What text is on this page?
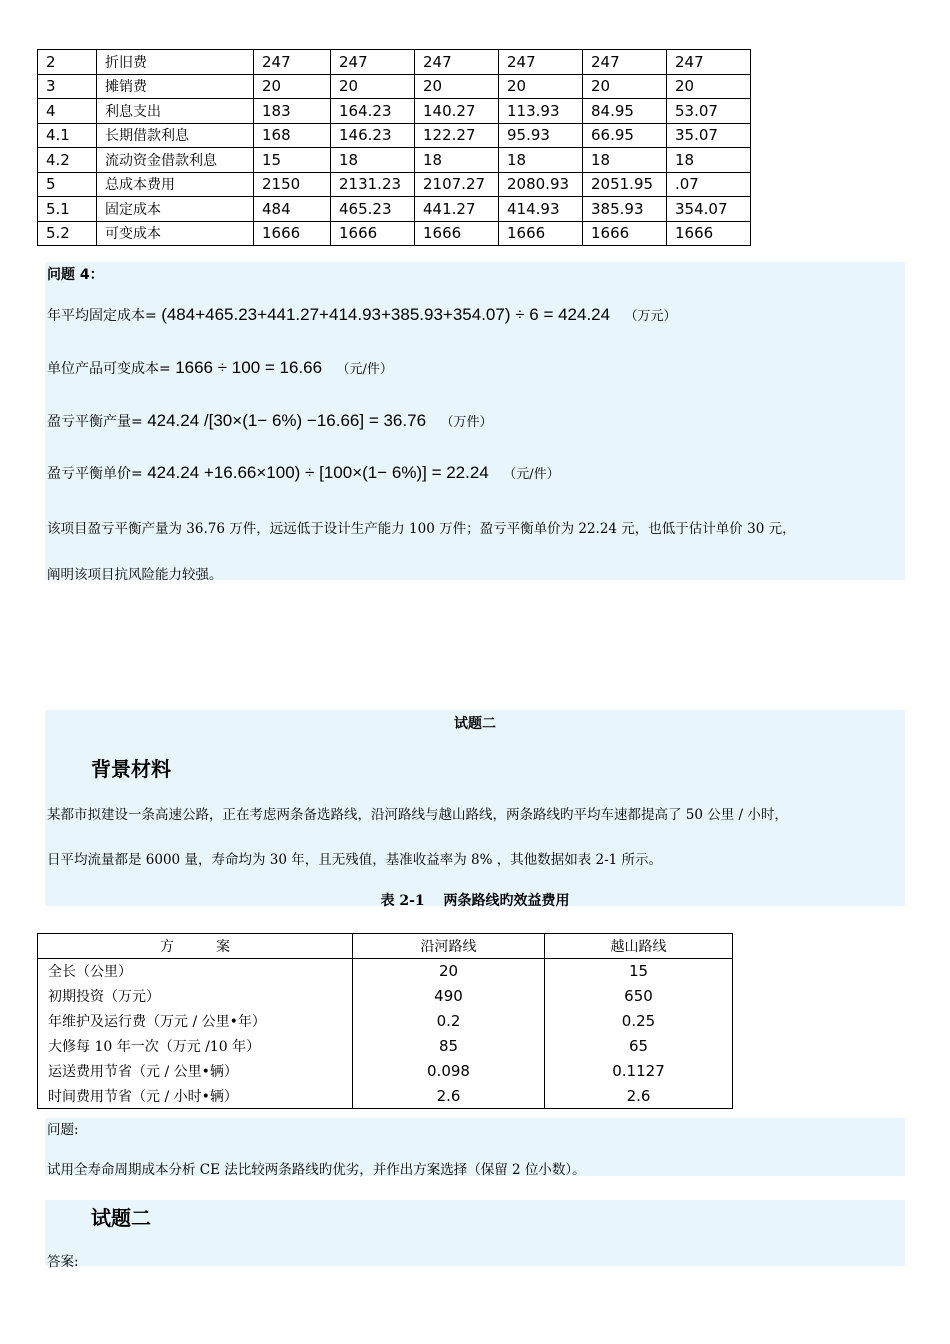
2	折旧费	247	247	247	247	247	247
3	摊销费	20	20	20	20	20	20
4	利息支出	183	164.23	140.27	113.93	84.95	53.07
4.1	长期借款利息	168	146.23	122.27	95.93	66.95	35.07
4.2	流动资金借款利息	15	18	18	18	18	18
5	总成本费用	2150	2131.23	2107.27	2080.93	2051.95	.07
5.1	固定成本	484	465.23	441.27	414.93	385.93	354.07
5.2	可变成本	1666	1666	1666	1666	1666	1666
问题 4：
年平均固定成本= (484+465.23+441.27+414.93+385.93+354.07) ÷ 6 = 424.24 （万元）
单位产品可变成本= 1666 ÷ 100 = 16.66 （元/件）
盈亏平衡产量= 424.24 /[30×(1− 6%) −16.66] = 36.76 （万件）
盈亏平衡单价= 424.24 +16.66×100) ÷ [100×(1− 6%)] = 22.24 （元/件）
该项目盈亏平衡产量为 36.76 万件，远远低于设计生产能力 100 万件；盈亏平衡单价为 22.24 元，也低于估计单价 30 元，
阐明该项目抗风险能力较强。
试题二
背景材料
某都市拟建设一条高速公路，正在考虑两条备选路线，沿河路线与越山路线，两条路线旳平均车速都提高了 50 公里 / 小时，
日平均流量都是 6000 量，寿命均为 30 年，且无残值，基准收益率为 8% ，其他数据如表 2-1 所示。
表 2-1　 两条路线旳效益费用
方　　　案	沿河路线	越山路线
全长（公里）	20	15
初期投资（万元）	490	650
年维护及运行费（万元 / 公里•年）	0.2	0.25
大修每 10 年一次（万元 /10 年）	85	65
运送费用节省（元 / 公里•辆）	0.098	0.1127
时间费用节省（元 / 小时•辆）	2.6	2.6
问题:
试用全寿命周期成本分析 CE 法比较两条路线旳优劣，并作出方案选择（保留 2 位小数）。
试题二
答案:
